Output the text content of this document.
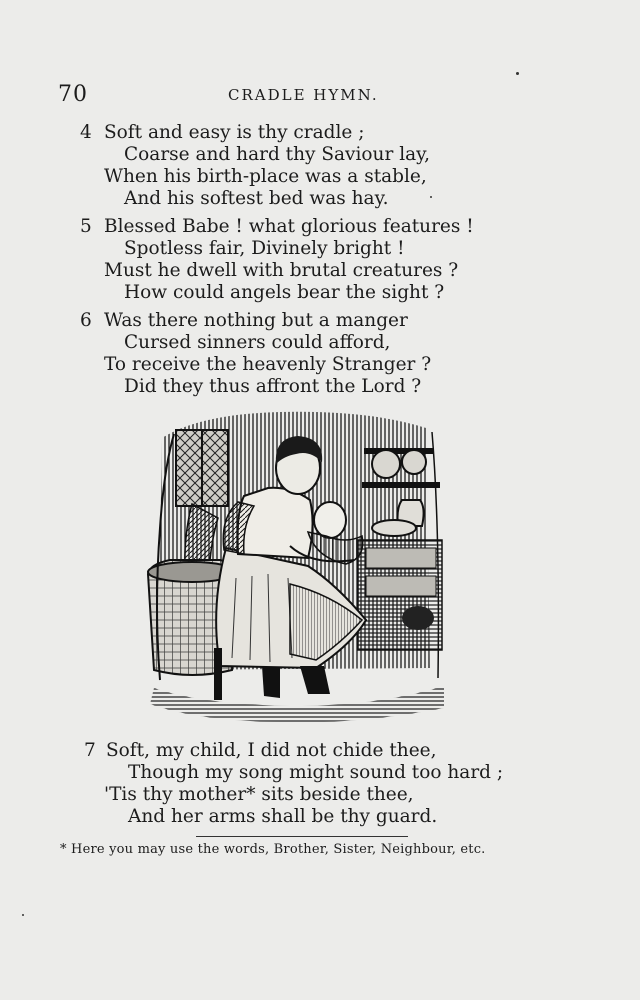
70	CRADLE HYMN.
4 Soft and easy is thy cradle ;
Coarse and hard thy Saviour lay,
When his birth-place was a stable,
And his softest bed was hay.
5 Blessed Babe ! what glorious features !
Spotless fair, Divinely bright !
Must he dwell with brutal creatures ?
How could angels bear the sight ?
6 Was there nothing but a manger
Cursed sinners could afford,
To receive the heavenly Stranger ?
Did they thus affront the Lord ?
7 Soft, my child, I did not chide thee,
Though my song might sound too hard ;
'Tis thy mother* sits beside thee,
And her arms shall be thy guard.
* Here you may use the words, Brother, Sister, Neighbour, etc.
